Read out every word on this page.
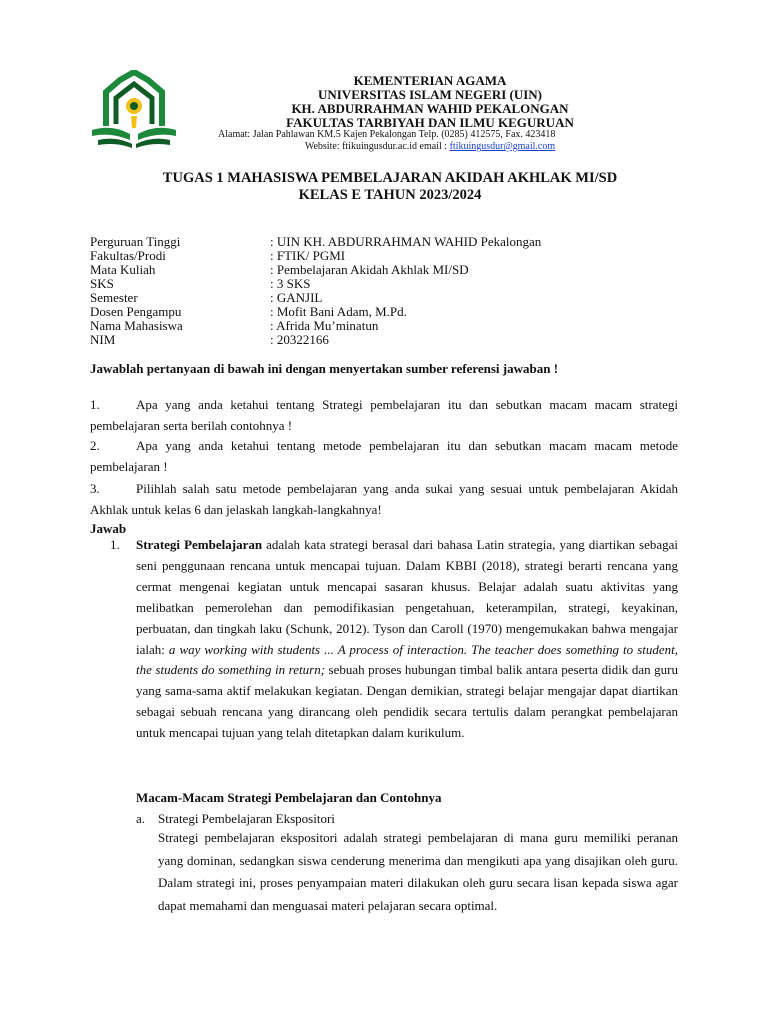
KEMENTERIAN AGAMA
UNIVERSITAS ISLAM NEGERI (UIN)
KH. ABDURRAHMAN WAHID PEKALONGAN
FAKULTAS TARBIYAH DAN ILMU KEGURUAN
Alamat: Jalan Pahlawan KM.5 Kajen Pekalongan Telp. (0285) 412575, Fax. 423418
Website: ftikuingusdur.ac.id email : ftikuingusdur@gmail.com
TUGAS 1 MAHASISWA PEMBELAJARAN AKIDAH AKHLAK MI/SD
KELAS E TAHUN 2023/2024
Perguruan Tinggi	: UIN KH. ABDURRAHMAN WAHID Pekalongan
Fakultas/Prodi	: FTIK/ PGMI
Mata Kuliah	: Pembelajaran Akidah Akhlak MI/SD
SKS	: 3 SKS
Semester	: GANJIL
Dosen Pengampu	: Mofit Bani Adam, M.Pd.
Nama Mahasiswa	: Afrida Mu’minatun
NIM	: 20322166
Jawablah pertanyaan di bawah ini dengan menyertakan sumber referensi jawaban !
1.	Apa yang anda ketahui tentang Strategi pembelajaran itu dan sebutkan macam macam strategi pembelajaran serta berilah contohnya !
2.	Apa yang anda ketahui tentang metode pembelajaran itu dan sebutkan macam macam metode pembelajaran !
3.	Pilihlah salah satu metode pembelajaran yang anda sukai yang sesuai untuk pembelajaran Akidah Akhlak untuk kelas 6 dan jelaskah langkah-langkahnya!
Jawab
1. Strategi Pembelajaran adalah kata strategi berasal dari bahasa Latin strategia, yang diartikan sebagai seni penggunaan rencana untuk mencapai tujuan. Dalam KBBI (2018), strategi berarti rencana yang cermat mengenai kegiatan untuk mencapai sasaran khusus. Belajar adalah suatu aktivitas yang melibatkan pemerolehan dan pemodifikasian pengetahuan, keterampilan, strategi, keyakinan, perbuatan, dan tingkah laku (Schunk, 2012). Tyson dan Caroll (1970) mengemukakan bahwa mengajar ialah: a way working with students ... A process of interaction. The teacher does something to student, the students do something in return; sebuah proses hubungan timbal balik antara peserta didik dan guru yang sama-sama aktif melakukan kegiatan. Dengan demikian, strategi belajar mengajar dapat diartikan sebagai sebuah rencana yang dirancang oleh pendidik secara tertulis dalam perangkat pembelajaran untuk mencapai tujuan yang telah ditetapkan dalam kurikulum.
Macam-Macam Strategi Pembelajaran dan Contohnya
a. Strategi Pembelajaran Ekspositori
Strategi pembelajaran ekspositori adalah strategi pembelajaran di mana guru memiliki peranan yang dominan, sedangkan siswa cenderung menerima dan mengikuti apa yang disajikan oleh guru. Dalam strategi ini, proses penyampaian materi dilakukan oleh guru secara lisan kepada siswa agar dapat memahami dan menguasai materi pelajaran secara optimal.
